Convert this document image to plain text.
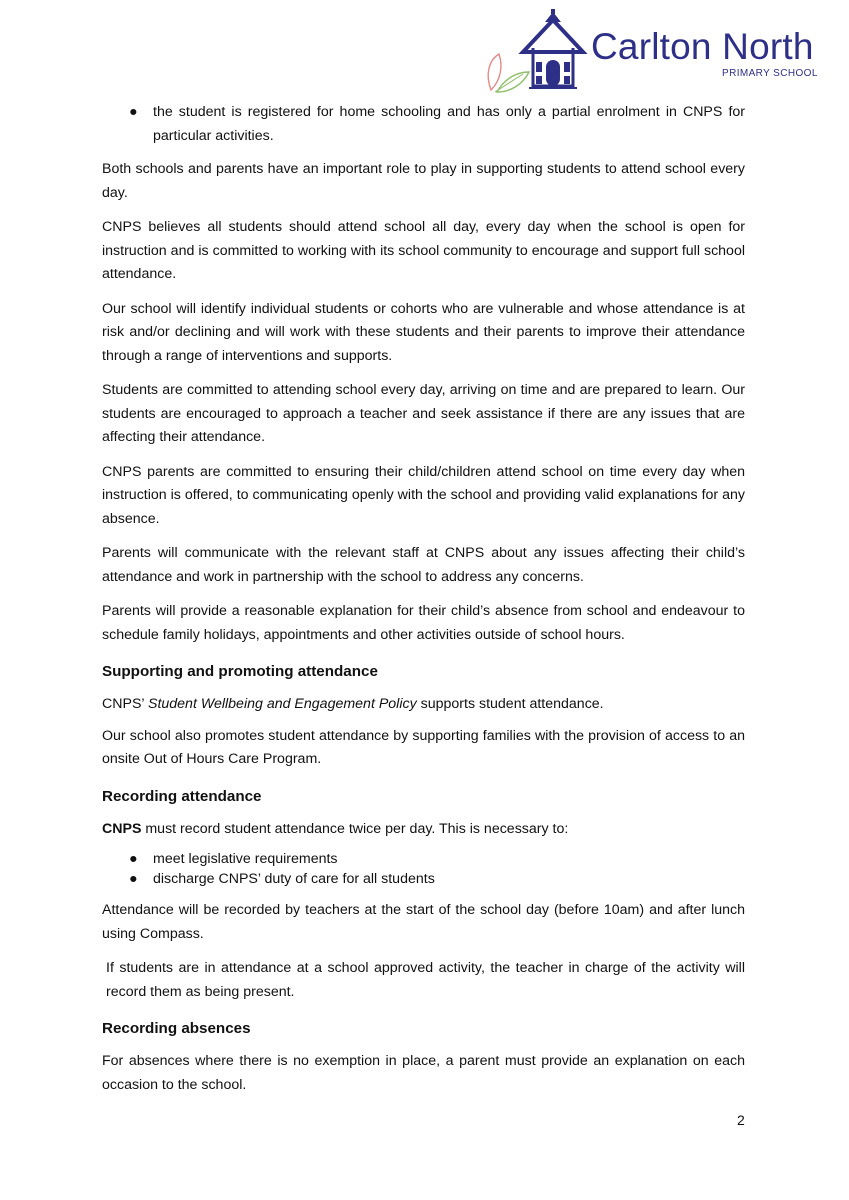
Carlton North
PRIMARY SCHOOL
● the student is registered for home schooling and has only a partial enrolment in CNPS for particular activities.

Both schools and parents have an important role to play in supporting students to attend school every day.

CNPS believes all students should attend school all day, every day when the school is open for instruction and is committed to working with its school community to encourage and support full school attendance.

Our school will identify individual students or cohorts who are vulnerable and whose attendance is at risk and/or declining and will work with these students and their parents to improve their attendance through a range of interventions and supports.

Students are committed to attending school every day, arriving on time and are prepared to learn. Our students are encouraged to approach a teacher and seek assistance if there are any issues that are affecting their attendance.

CNPS parents are committed to ensuring their child/children attend school on time every day when instruction is offered, to communicating openly with the school and providing valid explanations for any absence.

Parents will communicate with the relevant staff at CNPS about any issues affecting their child’s attendance and work in partnership with the school to address any concerns.

Parents will provide a reasonable explanation for their child’s absence from school and endeavour to schedule family holidays, appointments and other activities outside of school hours.

Supporting and promoting attendance

CNPS’ Student Wellbeing and Engagement Policy supports student attendance.

Our school also promotes student attendance by supporting families with the provision of access to an onsite Out of Hours Care Program.

Recording attendance

CNPS must record student attendance twice per day. This is necessary to:

● meet legislative requirements
● discharge CNPS’ duty of care for all students

Attendance will be recorded by teachers at the start of the school day (before 10am) and after lunch using Compass.

If students are in attendance at a school approved activity, the teacher in charge of the activity will record them as being present.

Recording absences

For absences where there is no exemption in place, a parent must provide an explanation on each occasion to the school.

2
